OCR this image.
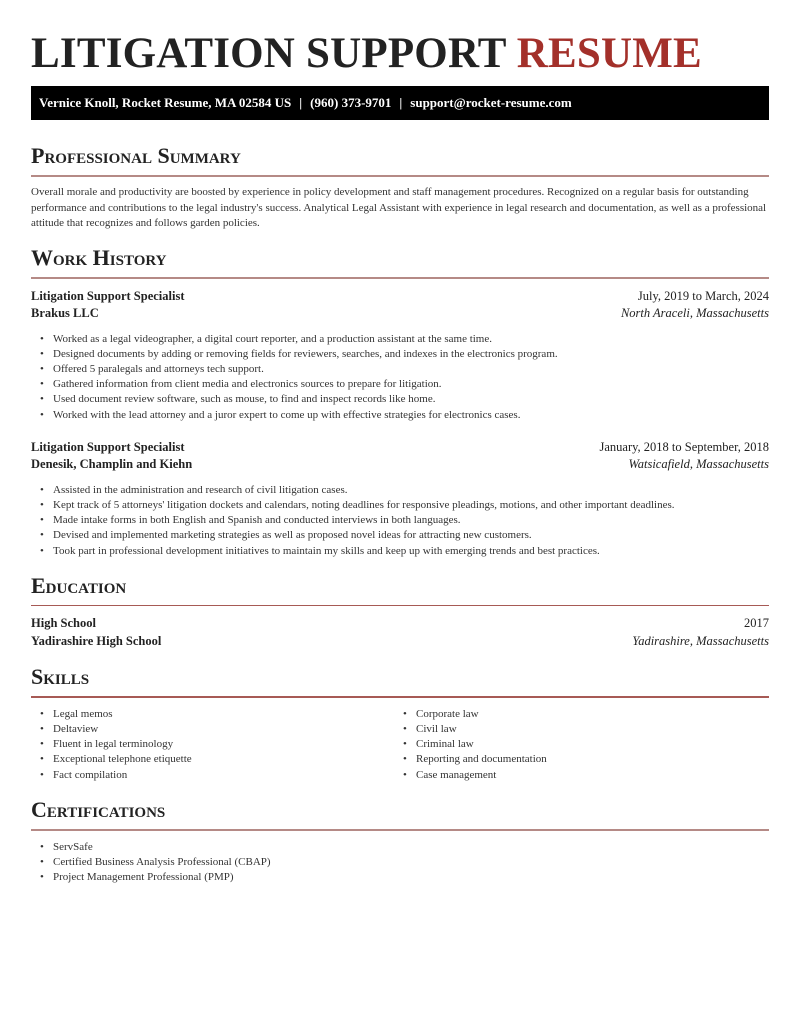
LITIGATION SUPPORT RESUME
Vernice Knoll, Rocket Resume, MA 02584 US | (960) 373-9701 | support@rocket-resume.com
Professional Summary

Overall morale and productivity are boosted by experience in policy development and staff management procedures. Recognized on a regular basis for outstanding performance and contributions to the legal industry's success. Analytical Legal Assistant with experience in legal research and documentation, as well as a professional attitude that recognizes and follows garden policies.

Work History
Litigation Support Specialist	July, 2019 to March, 2024
Brakus LLC	North Araceli, Massachusetts
• Worked as a legal videographer, a digital court reporter, and a production assistant at the same time.
• Designed documents by adding or removing fields for reviewers, searches, and indexes in the electronics program.
• Offered 5 paralegals and attorneys tech support.
• Gathered information from client media and electronics sources to prepare for litigation.
• Used document review software, such as mouse, to find and inspect records like home.
• Worked with the lead attorney and a juror expert to come up with effective strategies for electronics cases.
Litigation Support Specialist	January, 2018 to September, 2018
Denesik, Champlin and Kiehn	Watsicafield, Massachusetts
• Assisted in the administration and research of civil litigation cases.
• Kept track of 5 attorneys' litigation dockets and calendars, noting deadlines for responsive pleadings, motions, and other important deadlines.
• Made intake forms in both English and Spanish and conducted interviews in both languages.
• Devised and implemented marketing strategies as well as proposed novel ideas for attracting new customers.
• Took part in professional development initiatives to maintain my skills and keep up with emerging trends and best practices.
Education
High School	2017
Yadirashire High School	Yadirashire, Massachusetts
Skills
• Legal memos
• Deltaview
• Fluent in legal terminology
• Exceptional telephone etiquette
• Fact compilation
• Corporate law
• Civil law
• Criminal law
• Reporting and documentation
• Case management
Certifications
• ServSafe
• Certified Business Analysis Professional (CBAP)
• Project Management Professional (PMP)
